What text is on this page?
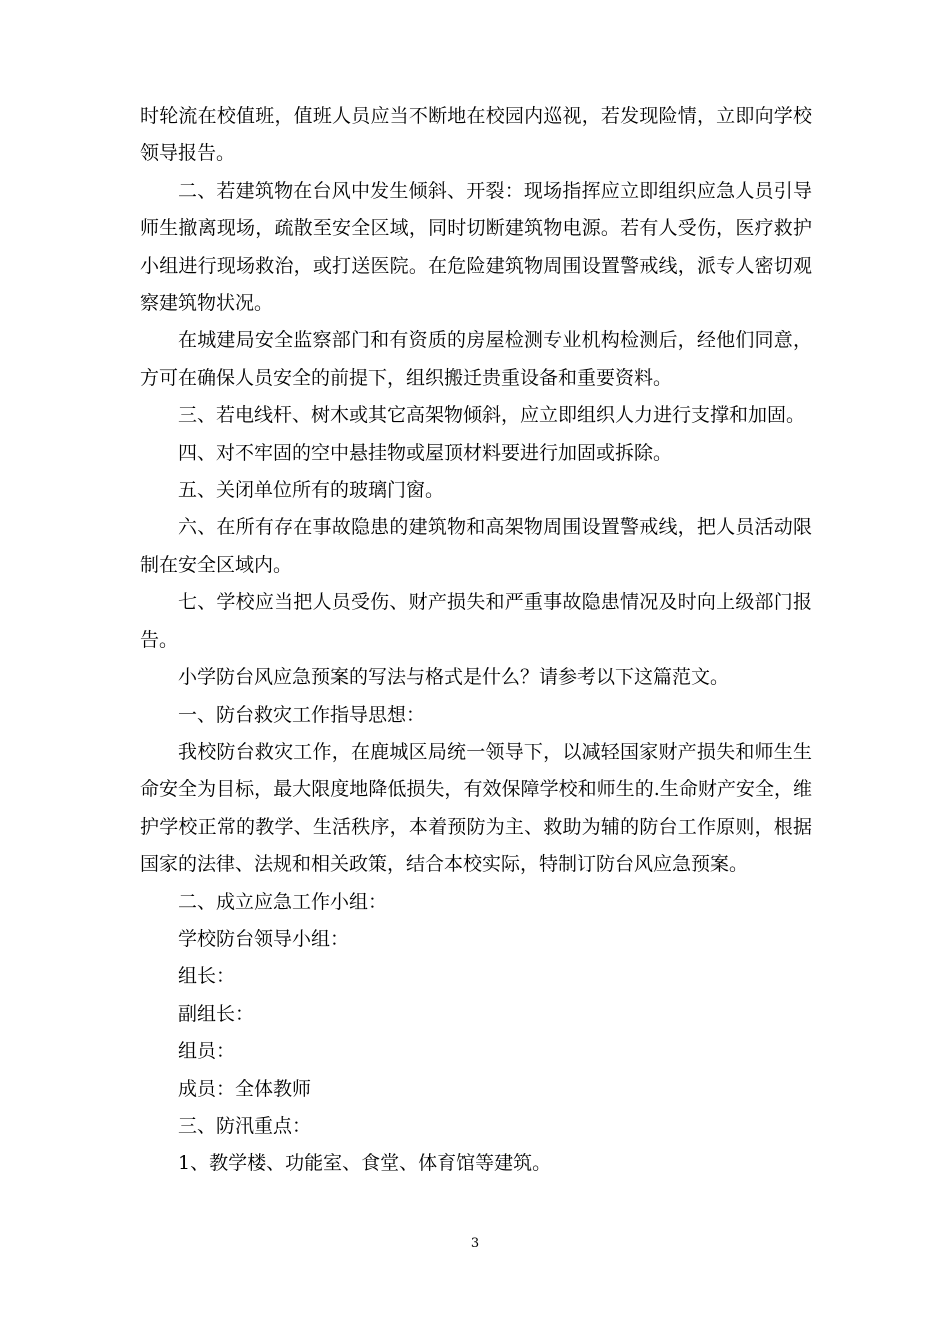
时轮流在校值班，值班人员应当不断地在校园内巡视，若发现险情，立即向学校领导报告。

二、若建筑物在台风中发生倾斜、开裂：现场指挥应立即组织应急人员引导师生撤离现场，疏散至安全区域，同时切断建筑物电源。若有人受伤，医疗救护小组进行现场救治，或打送医院。在危险建筑物周围设置警戒线，派专人密切观察建筑物状况。

在城建局安全监察部门和有资质的房屋检测专业机构检测后，经他们同意，方可在确保人员安全的前提下，组织搬迁贵重设备和重要资料。

三、若电线杆、树木或其它高架物倾斜，应立即组织人力进行支撑和加固。

四、对不牢固的空中悬挂物或屋顶材料要进行加固或拆除。

五、关闭单位所有的玻璃门窗。

六、在所有存在事故隐患的建筑物和高架物周围设置警戒线，把人员活动限制在安全区域内。

七、学校应当把人员受伤、财产损失和严重事故隐患情况及时向上级部门报告。

小学防台风应急预案的写法与格式是什么？请参考以下这篇范文。

一、防台救灾工作指导思想：

我校防台救灾工作，在鹿城区局统一领导下，以减轻国家财产损失和师生生命安全为目标，最大限度地降低损失，有效保障学校和师生的.生命财产安全，维护学校正常的教学、生活秩序，本着预防为主、救助为辅的防台工作原则，根据国家的法律、法规和相关政策，结合本校实际，特制订防台风应急预案。

二、成立应急工作小组：

学校防台领导小组：

组长：

副组长：

组员：

成员：全体教师

三、防汛重点：

1、教学楼、功能室、食堂、体育馆等建筑。

3
